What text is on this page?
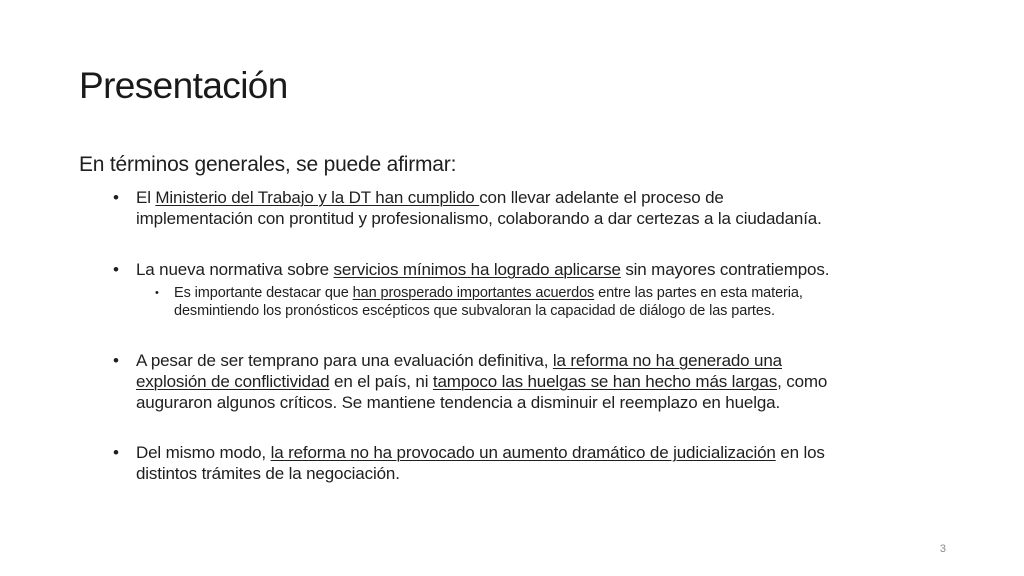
Presentación
En términos generales, se puede afirmar:
• El Ministerio del Trabajo y la DT han cumplido con llevar adelante el proceso de
implementación con prontitud y profesionalismo, colaborando a dar certezas a la ciudadanía.
• La nueva normativa sobre servicios mínimos ha logrado aplicarse sin mayores contratiempos.
• Es importante destacar que han prosperado importantes acuerdos entre las partes en esta materia,
desmintiendo los pronósticos escépticos que subvaloran la capacidad de diálogo de las partes.
• A pesar de ser temprano para una evaluación definitiva, la reforma no ha generado una
explosión de conflictividad en el país, ni tampoco las huelgas se han hecho más largas, como
auguraron algunos críticos. Se mantiene tendencia a disminuir el reemplazo en huelga.
• Del mismo modo, la reforma no ha provocado un aumento dramático de judicialización en los
distintos trámites de la negociación.
3
